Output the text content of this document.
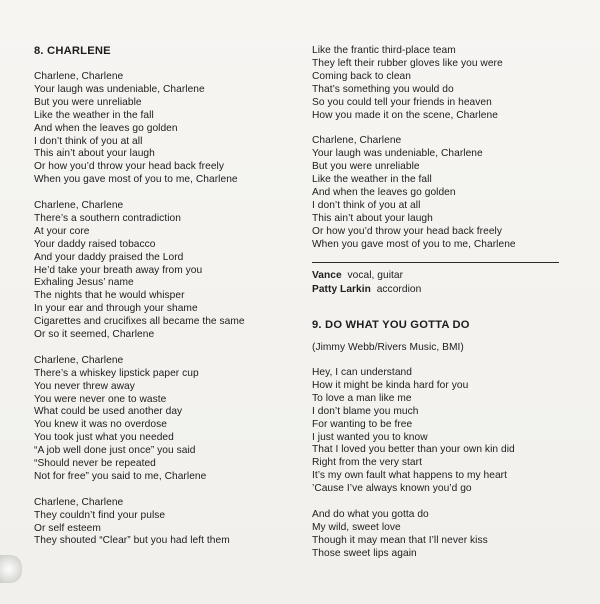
8. CHARLENE
Charlene, Charlene
Your laugh was undeniable, Charlene
But you were unreliable
Like the weather in the fall
And when the leaves go golden
I don’t think of you at all
This ain’t about your laugh
Or how you’d throw your head back freely
When you gave most of you to me, Charlene
Charlene, Charlene
There’s a southern contradiction
At your core
Your daddy raised tobacco
And your daddy praised the Lord
He’d take your breath away from you
Exhaling Jesus’ name
The nights that he would whisper
In your ear and through your shame
Cigarettes and crucifixes all became the same
Or so it seemed, Charlene
Charlene, Charlene
There’s a whiskey lipstick paper cup
You never threw away
You were never one to waste
What could be used another day
You knew it was no overdose
You took just what you needed
“A job well done just once” you said
“Should never be repeated
Not for free” you said to me, Charlene
Charlene, Charlene
They couldn’t find your pulse
Or self esteem
They shouted “Clear” but you had left them
Like the frantic third-place team
They left their rubber gloves like you were
Coming back to clean
That’s something you would do
So you could tell your friends in heaven
How you made it on the scene, Charlene
Charlene, Charlene
Your laugh was undeniable, Charlene
But you were unreliable
Like the weather in the fall
And when the leaves go golden
I don’t think of you at all
This ain’t about your laugh
Or how you’d throw your head back freely
When you gave most of you to me, Charlene
Vance vocal, guitar
Patty Larkin accordion
9. DO WHAT YOU GOTTA DO
(Jimmy Webb/Rivers Music, BMI)
Hey, I can understand
How it might be kinda hard for you
To love a man like me
I don’t blame you much
For wanting to be free
I just wanted you to know
That I loved you better than your own kin did
Right from the very start
It’s my own fault what happens to my heart
’Cause I’ve always known you’d go
And do what you gotta do
My wild, sweet love
Though it may mean that I’ll never kiss
Those sweet lips again
